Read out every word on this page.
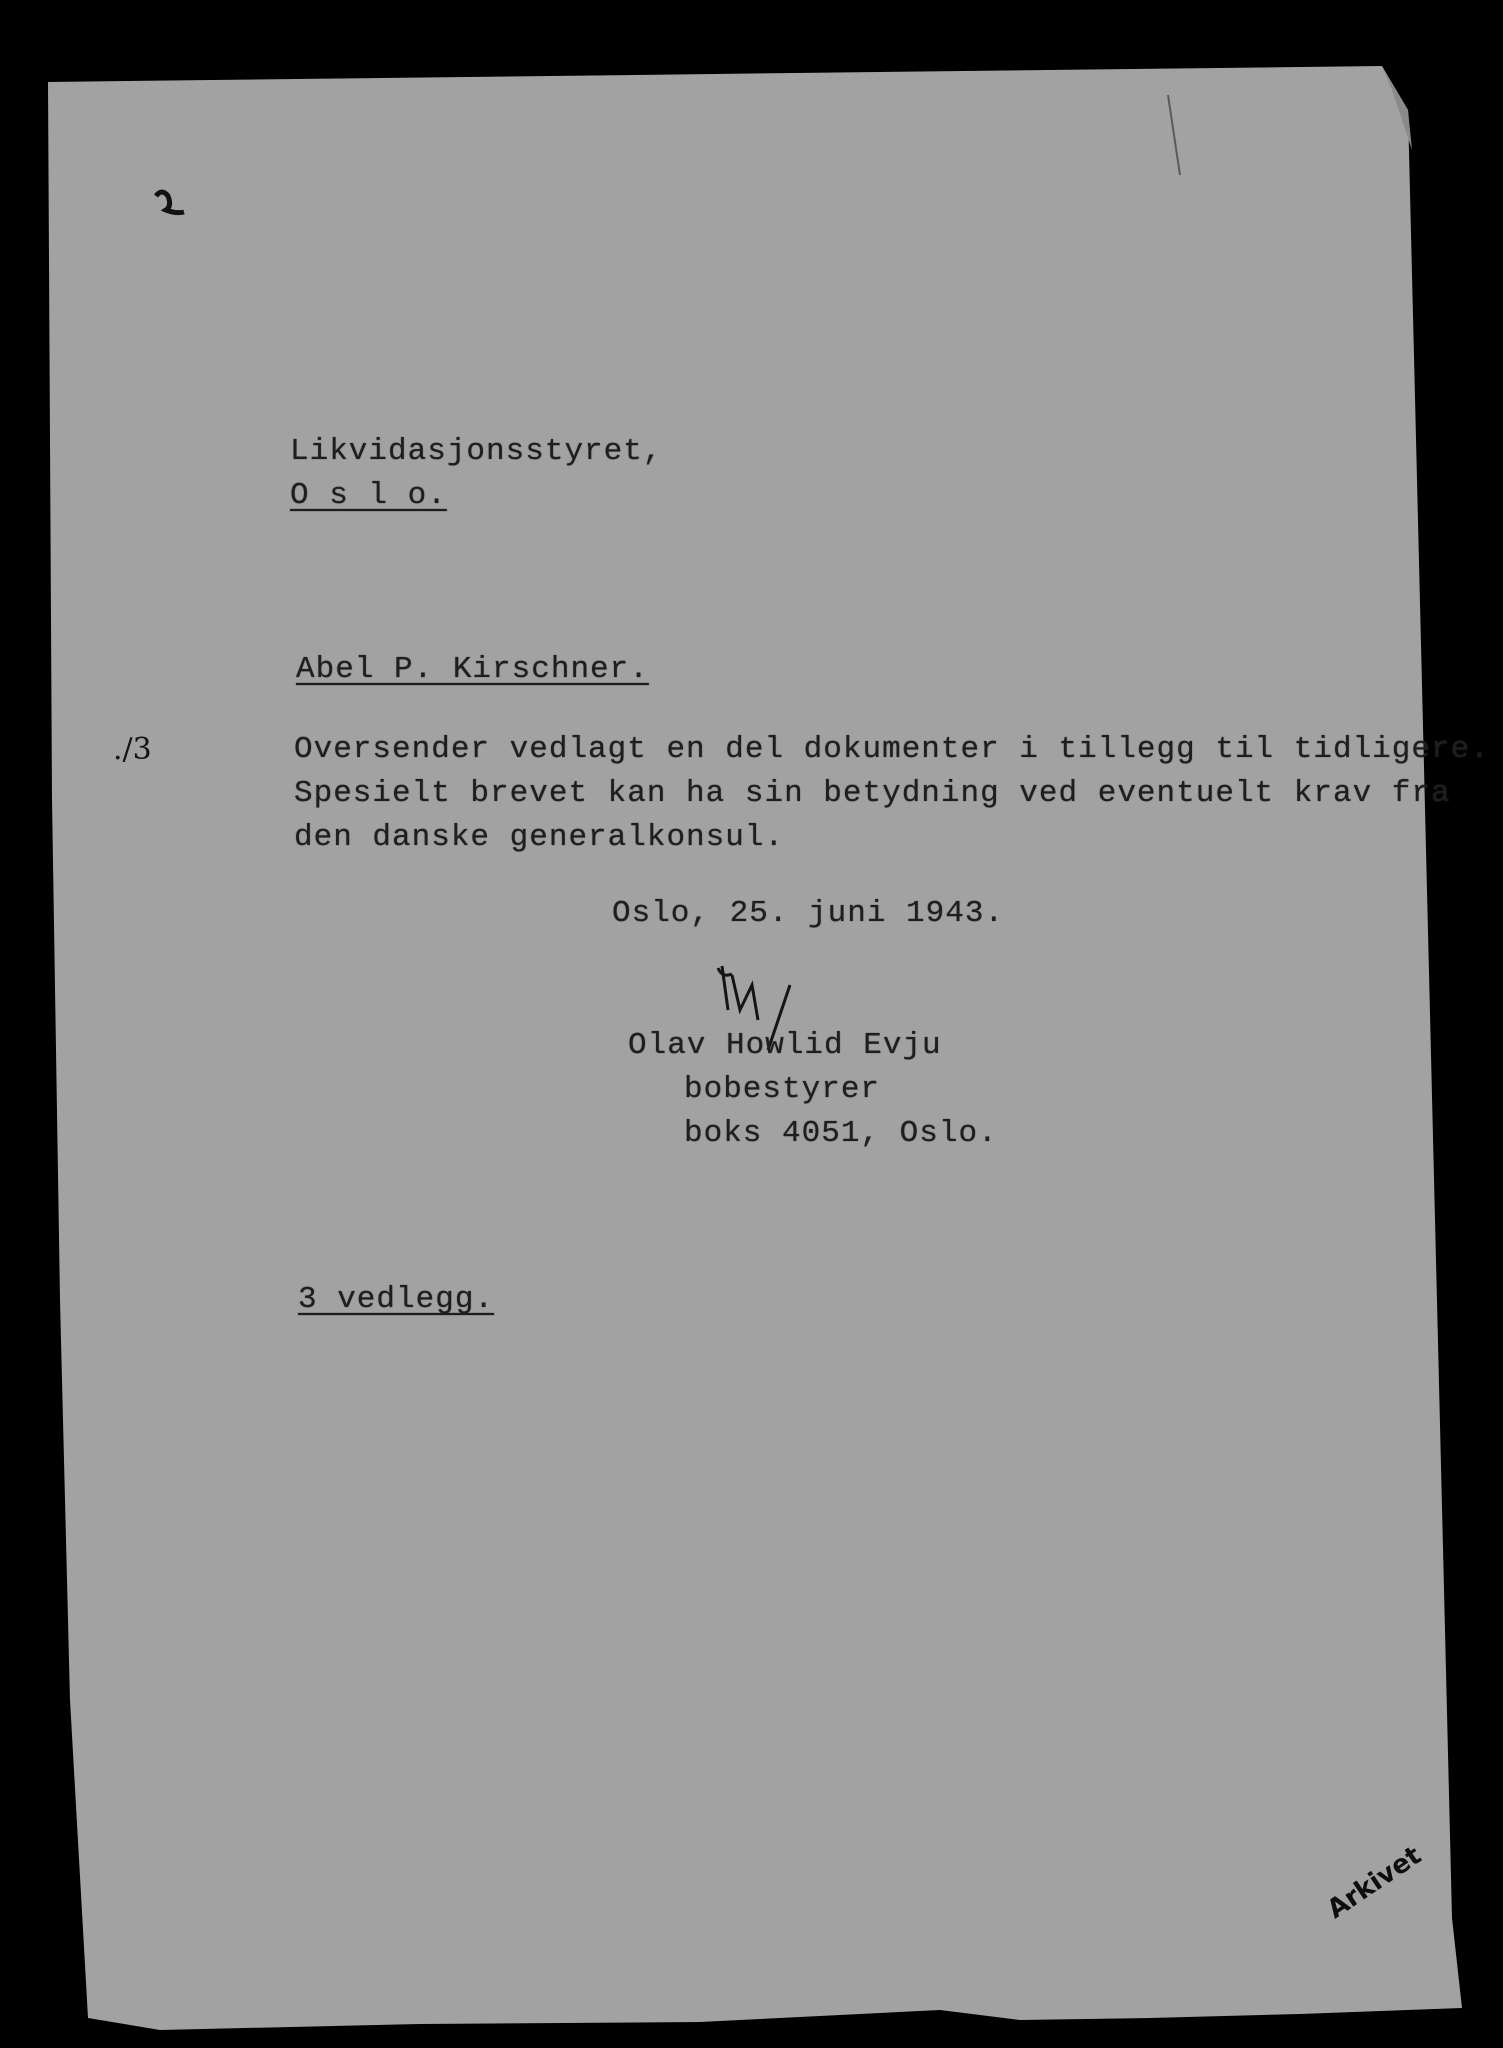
Likvidasjonsstyret,
O s l o.
Abel P. Kirschner.
./3	Oversender vedlagt en del dokumenter i tillegg til tidligere.
Spesielt brevet kan ha sin betydning ved eventuelt krav fra
den danske generalkonsul.
Oslo, 25. juni 1943.
Olav Howlid Evju
bobestyrer
boks 4051, Oslo.
3 vedlegg.
Arkivet
